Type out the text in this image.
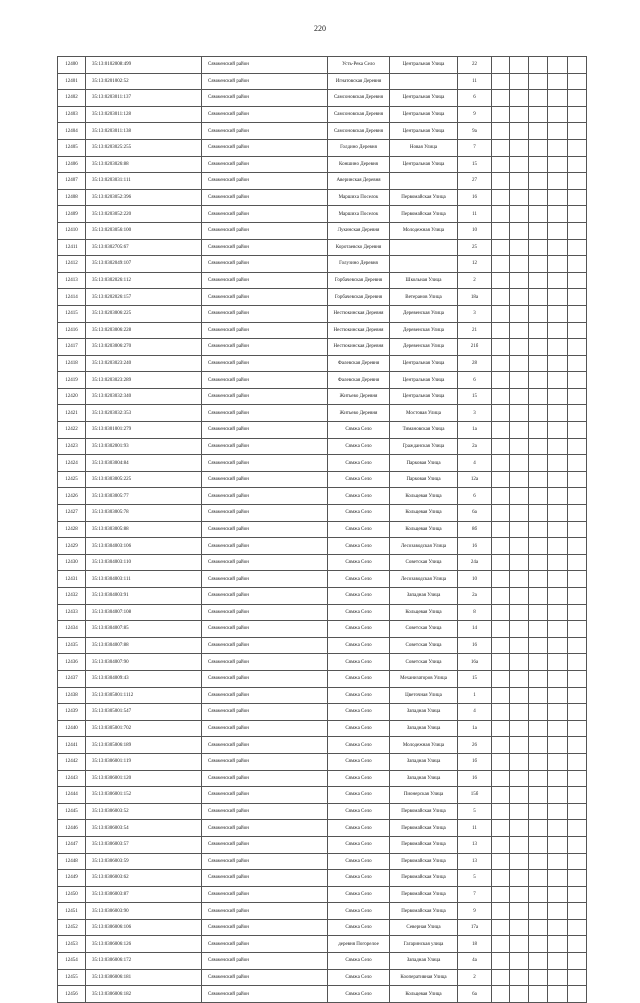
220
12400	35:13:0102008:499	Сямженский район	Усть-Река Село	Центральная Улица	22					
12401	35:13:0201002:52	Сямженский район	Игнатовская Деревня		11					
12402	35:13:0203011:137	Сямженский район	Самсоновская Деревня	Центральная Улица	6					
12403	35:13:0203011:128	Сямженский район	Самсоновская Деревня	Центральная Улица	9					
12404	35:13:0203011:138	Сямженский район	Самсоновская Деревня	Центральная Улица	9а					
12405	35:13:0203025:255	Сямженский район	Голдино Деревня	Новая Улица	7					
12406	35:13:0203026:88	Сямженский район	Коншино Деревня	Центральная Улица	15					
12407	35:13:0203031:111	Сямженский район	Аверинская Деревня		27					
12408	35:13:0203052:396	Сямженский район	Маршиха Поселок	Первомайская Улица	16					
12409	35:13:0203052:220	Сямженский район	Маршиха Поселок	Первомайская Улица	11					
12410	35:13:0203056:100	Сямженский район	Лукинская Деревня	Молодежная Улица	10					
12411	35:13:0302705:67	Сямженский район	Коротаевско Деревня		25					
12412	35:13:0302049:107	Сямженский район	Голузино Деревня		12					
12413	35:13:0302026:112	Сямженский район	Горбачевская Деревня	Школьная Улица	2					
12414	35:13:0202026:157	Сямженский район	Горбачевская Деревня	Ветеранов Улица	18а					
12415	35:13:0203006:225	Сямженский район	Нестюкинская Деревня	Деревенская Улица	3					
12416	35:13:0203006:228	Сямженский район	Нестюкинская Деревня	Деревенская Улица	21					
12417	35:13:0203006:270	Сямженский район	Нестюкинская Деревня	Деревенская Улица	21б					
12418	35:13:0203023:240	Сямженский район	Фалевская Деревня	Центральная Улица	28					
12419	35:13:0203023:289	Сямженский район	Фалевская Деревня	Центральная Улица	6					
12420	35:13:0203032:340	Сямженский район	Житьево Деревня	Центральная Улица	15					
12421	35:13:0203032:353	Сямженский район	Житьево Деревня	Мостовая Улица	3					
12422	35:13:0301001:279	Сямженский район	Сямжа Село	Тимановская Улица	1а					
12423	35:13:0302001:93	Сямженский район	Сямжа Село	Гражданская Улица	2а					
12424	35:13:0303004:84	Сямженский район	Сямжа Село	Парковая Улица	4					
12425	35:13:0303005:225	Сямженский район	Сямжа Село	Парковая Улица	12а					
12426	35:13:0303005:77	Сямженский район	Сямжа Село	Кольцевая Улица	6					
12427	35:13:0303005:78	Сямженский район	Сямжа Село	Кольцевая Улица	6а					
12428	35:13:0303005:88	Сямженский район	Сямжа Село	Кольцевая Улица	8б					
12429	35:13:0304003:106	Сямженский район	Сямжа Село	Лесозаводская Улица	16					
12430	35:13:0304003:110	Сямженский район	Сямжа Село	Советская Улица	24а					
12431	35:13:0304003:111	Сямженский район	Сямжа Село	Лесозаводская Улица	10					
12432	35:13:0304003:91	Сямженский район	Сямжа Село	Западная Улица	2а					
12433	35:13:0304007:108	Сямженский район	Сямжа Село	Кольцевая Улица	8					
12434	35:13:0304007:85	Сямженский район	Сямжа Село	Советская Улица	14					
12435	35:13:0304007:88	Сямженский район	Сямжа Село	Советская Улица	16					
12436	35:13:0304007:90	Сямженский район	Сямжа Село	Советская Улица	16а					
12437	35:13:0304009:43	Сямженский район	Сямжа Село	Механизаторов Улица	15					
12438	35:13:0305001:1112	Сямженский район	Сямжа Село	Цветочная Улица	1					
12439	35:13:0305001:547	Сямженский район	Сямжа Село	Западная Улица	4					
12440	35:13:0305001:702	Сямженский район	Сямжа Село	Западная Улица	1а					
12441	35:13:0305006:189	Сямженский район	Сямжа Село	Молодежная Улица	26					
12442	35:13:0306001:119	Сямженский район	Сямжа Село	Западная Улица	1б					
12443	35:13:0306001:120	Сямженский район	Сямжа Село	Западная Улица	16					
12444	35:13:0306001:152	Сямженский район	Сямжа Село	Пионерская Улица	15б					
12445	35:13:0306003:52	Сямженский район	Сямжа Село	Первомайская Улица	5					
12446	35:13:0306003:54	Сямженский район	Сямжа Село	Первомайская Улица	11					
12447	35:13:0306003:57	Сямженский район	Сямжа Село	Первомайская Улица	13					
12448	35:13:0306003:59	Сямженский район	Сямжа Село	Первомайская Улица	13					
12449	35:13:0306003:62	Сямженский район	Сямжа Село	Первомайская Улица	5					
12450	35:13:0306003:87	Сямженский район	Сямжа Село	Первомайская Улица	7					
12451	35:13:0306003:90	Сямженский район	Сямжа Село	Первомайская Улица	9					
12452	35:13:0306006:106	Сямженский район	Сямжа Село	Северная Улица	17а					
12453	35:13:0306006:126	Сямженский район	деревня Погорелое	Гагаринская улица	18					
12454	35:13:0306006:172	Сямженский район	Сямжа Село	Западная Улица	4а					
12455	35:13:0306006:181	Сямженский район	Сямжа Село	Кооперативная Улица	2					
12456	35:13:0306006:182	Сямженский район	Сямжа Село	Кольцевая Улица	6а					
